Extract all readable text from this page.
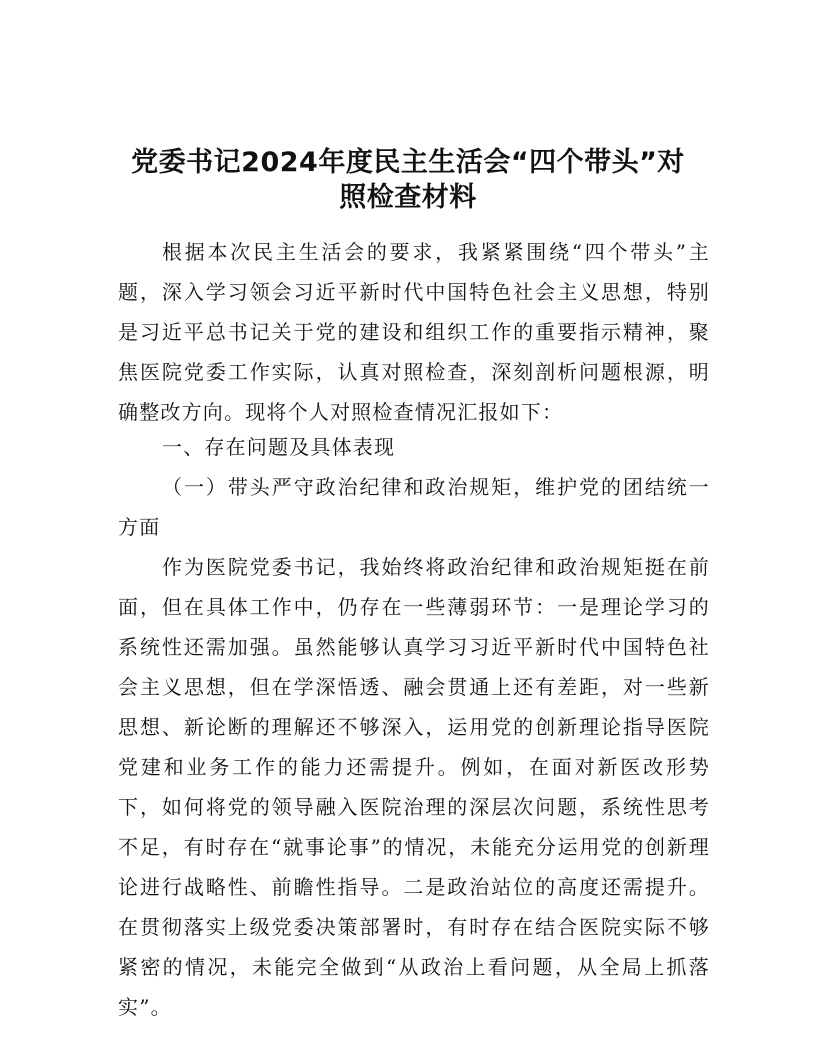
党委书记2024年度民主生活会“四个带头”对
照检查材料

根据本次民主生活会的要求，我紧紧围绕“四个带头”主题，深入学习领会习近平新时代中国特色社会主义思想，特别是习近平总书记关于党的建设和组织工作的重要指示精神，聚焦医院党委工作实际，认真对照检查，深刻剖析问题根源，明确整改方向。现将个人对照检查情况汇报如下：

一、存在问题及具体表现

（一）带头严守政治纪律和政治规矩，维护党的团结统一方面

作为医院党委书记，我始终将政治纪律和政治规矩挺在前面，但在具体工作中，仍存在一些薄弱环节：一是理论学习的系统性还需加强。虽然能够认真学习习近平新时代中国特色社会主义思想，但在学深悟透、融会贯通上还有差距，对一些新思想、新论断的理解还不够深入，运用党的创新理论指导医院党建和业务工作的能力还需提升。例如，在面对新医改形势下，如何将党的领导融入医院治理的深层次问题，系统性思考不足，有时存在“就事论事”的情况，未能充分运用党的创新理论进行战略性、前瞻性指导。二是政治站位的高度还需提升。在贯彻落实上级党委决策部署时，有时存在结合医院实际不够紧密的情况，未能完全做到“从政治上看问题，从全局上抓落实”。
